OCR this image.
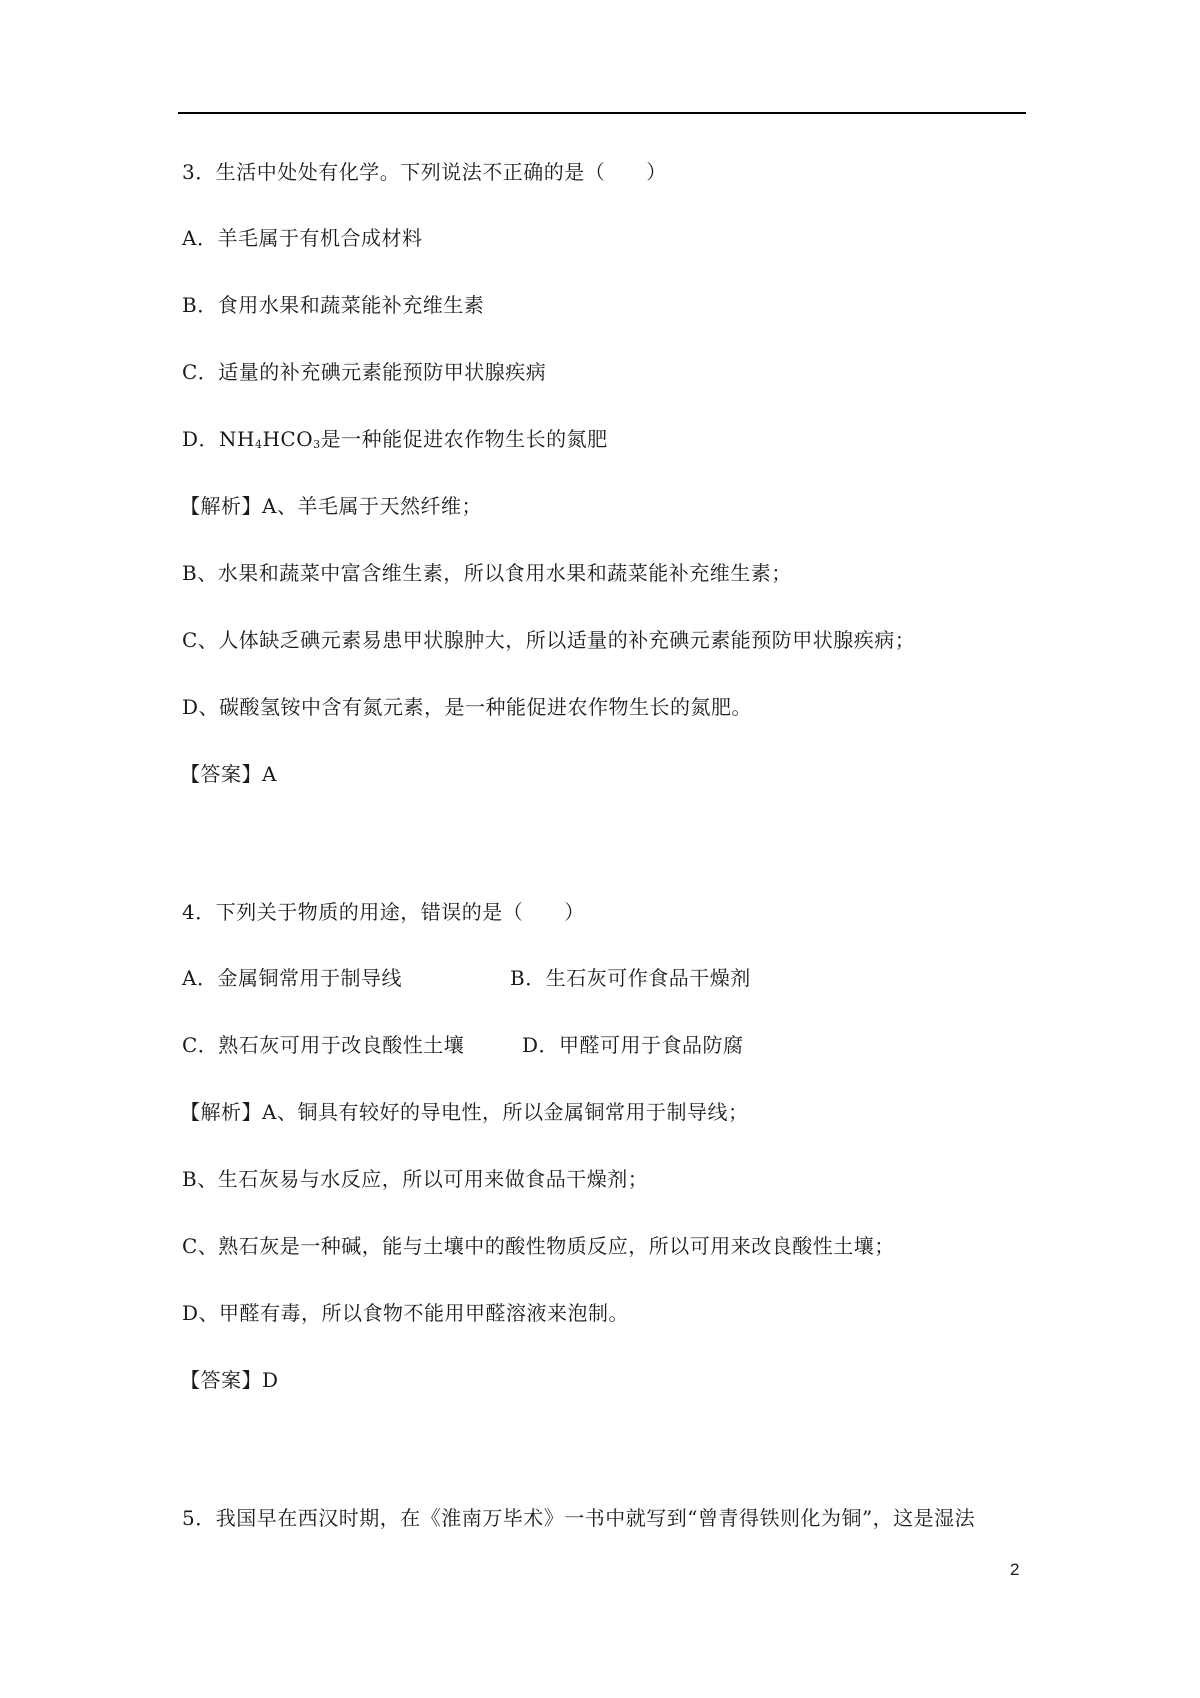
3．生活中处处有化学。下列说法不正确的是（　　）
A．羊毛属于有机合成材料
B．食用水果和蔬菜能补充维生素
C．适量的补充碘元素能预防甲状腺疾病
D．$NH_4HCO_3$是一种能促进农作物生长的氮肥
【解析】A、羊毛属于天然纤维；
B、水果和蔬菜中富含维生素，所以食用水果和蔬菜能补充维生素；
C、人体缺乏碘元素易患甲状腺肿大，所以适量的补充碘元素能预防甲状腺疾病；
D、碳酸氢铵中含有氮元素，是一种能促进农作物生长的氮肥。
【答案】A
4．下列关于物质的用途，错误的是（　　）
A．金属铜常用于制导线	B．生石灰可作食品干燥剂
C．熟石灰可用于改良酸性土壤	D．甲醛可用于食品防腐
【解析】A、铜具有较好的导电性，所以金属铜常用于制导线；
B、生石灰易与水反应，所以可用来做食品干燥剂；
C、熟石灰是一种碱，能与土壤中的酸性物质反应，所以可用来改良酸性土壤；
D、甲醛有毒，所以食物不能用甲醛溶液来泡制。
【答案】D
5．我国早在西汉时期，在《淮南万毕术》一书中就写到“曾青得铁则化为铜”，这是湿法
2
